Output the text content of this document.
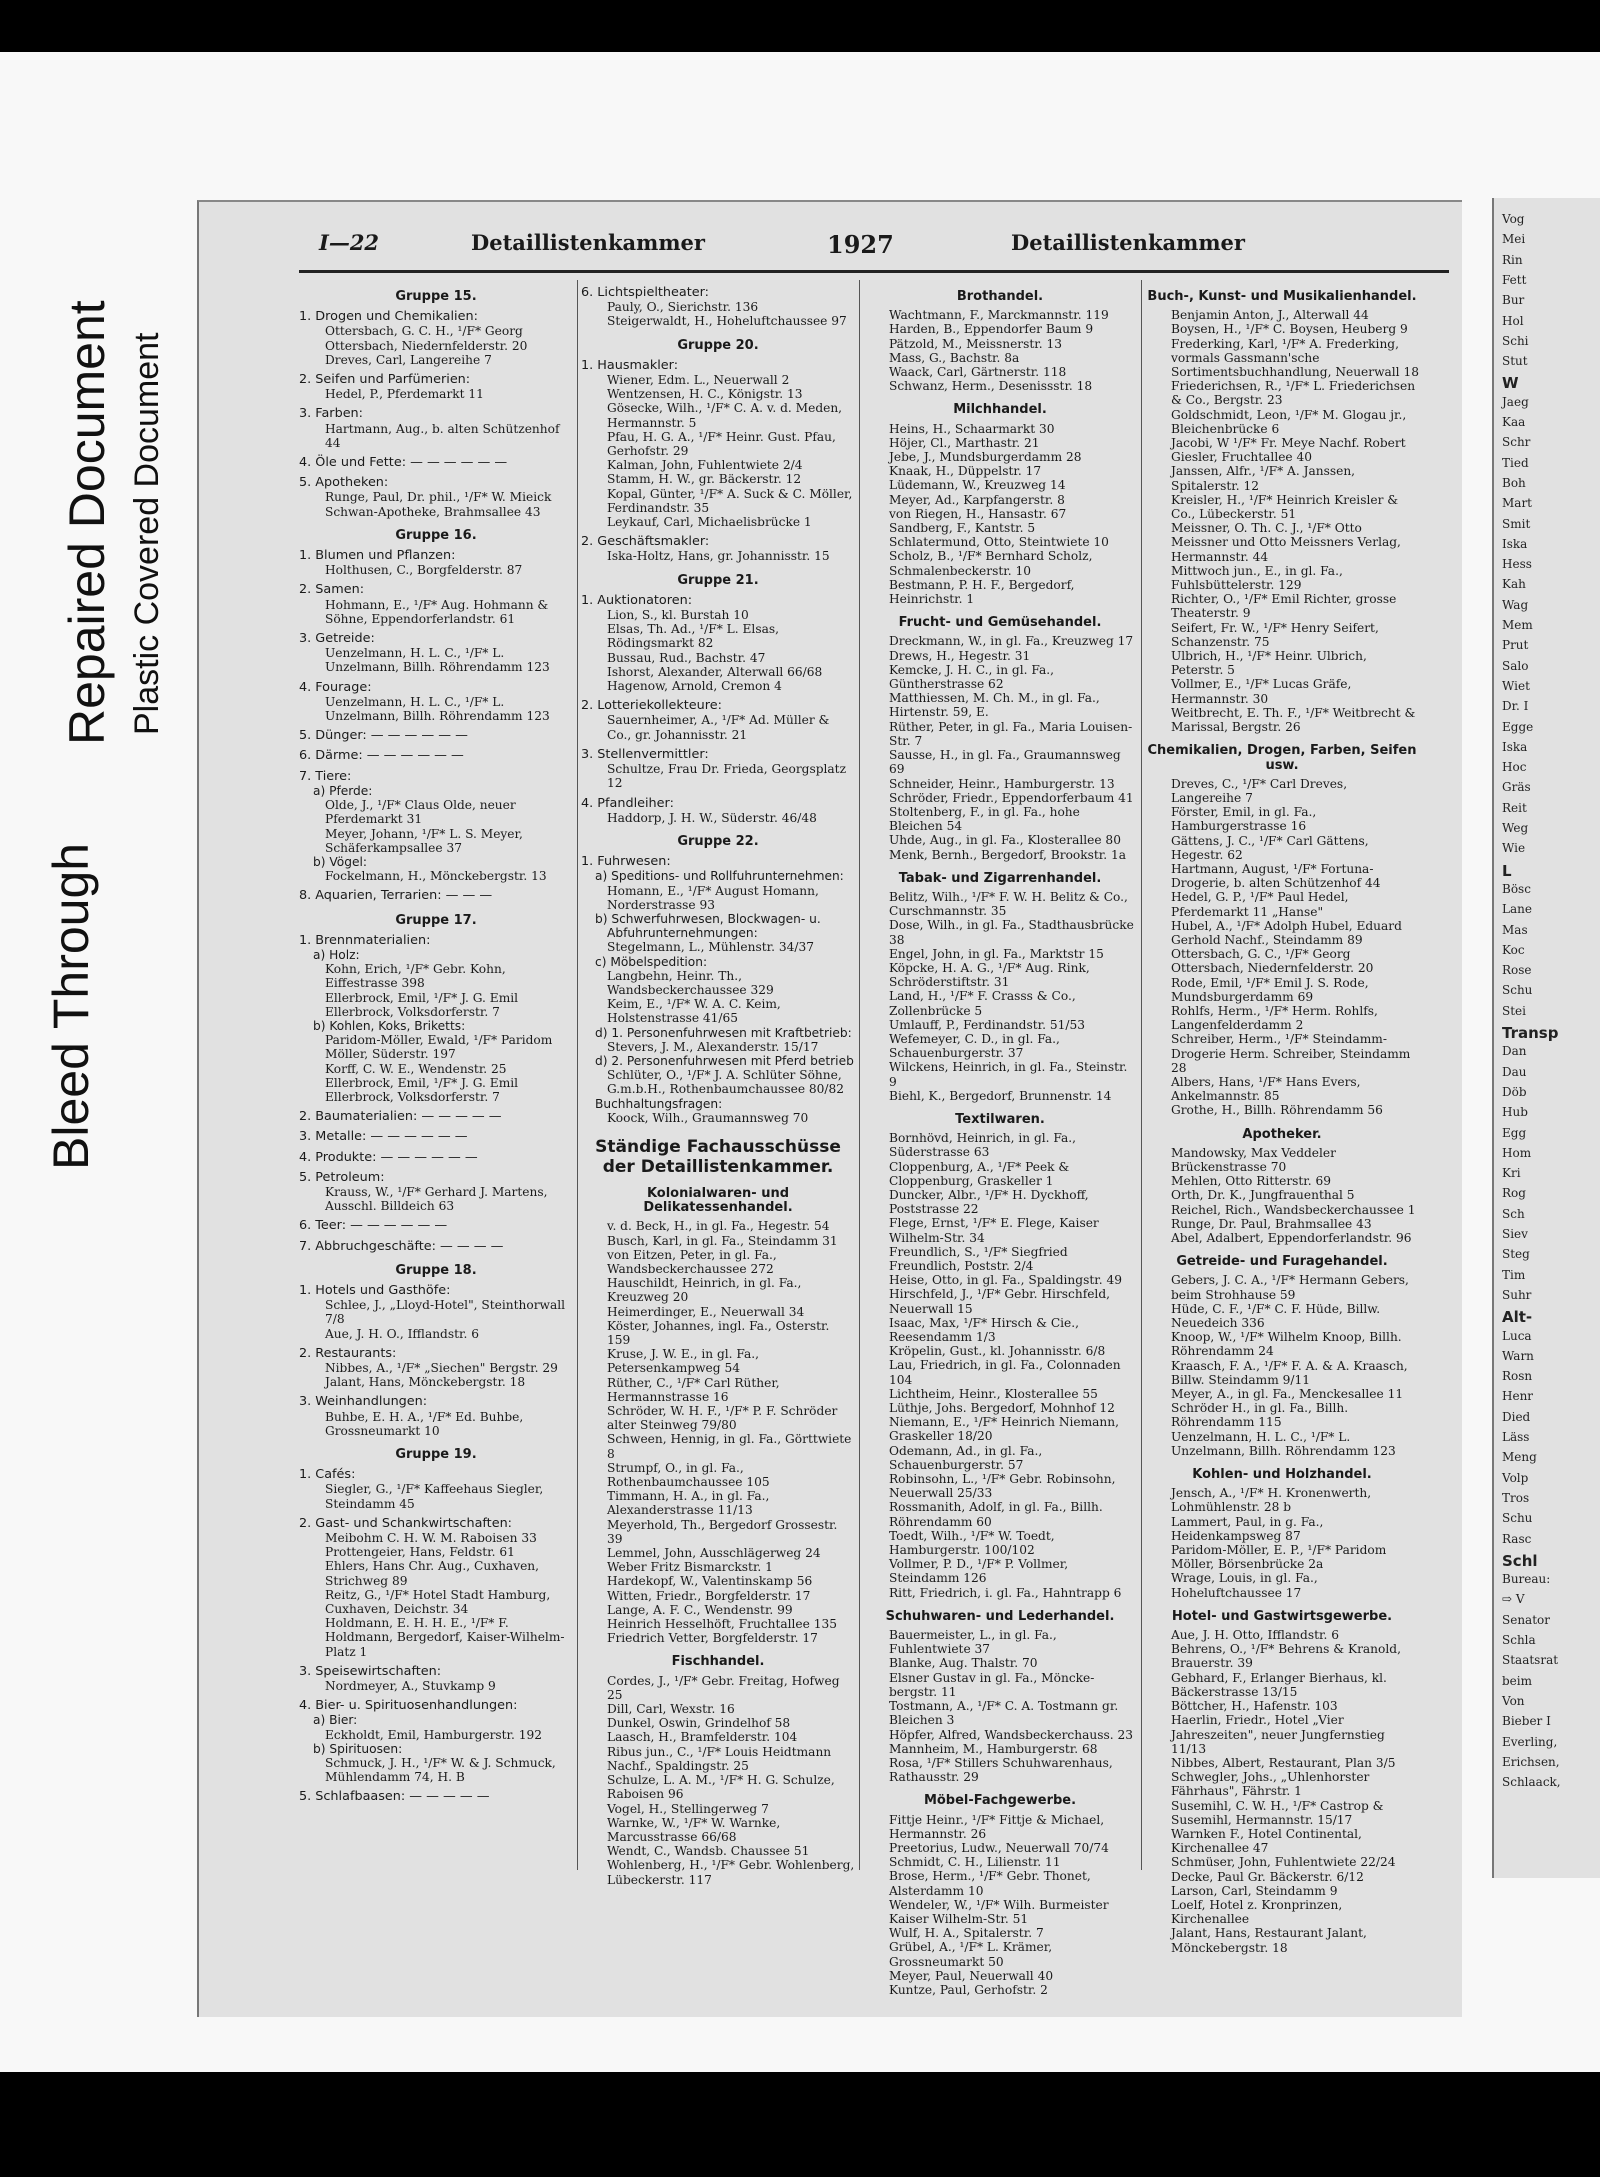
Bleed Through
Repaired Document Plastic Covered Document
I—22	Detaillistenkammer	1927	Detaillistenkammer
Gruppe 15.
1. Drogen und Chemikalien:
Ottersbach, G. C. H., ¹/F* Georg Ottersbach, Niedernfelderstr. 20
Dreves, Carl, Langereihe 7
2. Seifen und Parfümerien:
Hedel, P., Pferdemarkt 11
3. Farben:
Hartmann, Aug., b. alten Schützenhof 44
4. Öle und Fette: — — — — — —
5. Apotheken:
Runge, Paul, Dr. phil., ¹/F* W. Mieick Schwan-Apotheke, Brahmsallee 43
Gruppe 16.
1. Blumen und Pflanzen:
Holthusen, C., Borgfelderstr. 87
2. Samen:
Hohmann, E., ¹/F* Aug. Hohmann & Söhne, Eppendorferlandstr. 61
3. Getreide:
Uenzelmann, H. L. C., ¹/F* L. Unzelmann, Billh. Röhrendamm 123
4. Fourage:
Uenzelmann, H. L. C., ¹/F* L. Unzelmann, Billh. Röhrendamm 123
5. Dünger: — — — — — —
6. Därme: — — — — — —
7. Tiere:
a) Pferde:
Olde, J., ¹/F* Claus Olde, neuer Pferdemarkt 31
Meyer, Johann, ¹/F* L. S. Meyer, Schäferkampsallee 37
b) Vögel:
Fockelmann, H., Mönckebergstr. 13
8. Aquarien, Terrarien: — — —
Gruppe 17.
1. Brennmaterialien:
a) Holz:
Kohn, Erich, ¹/F* Gebr. Kohn, Eiffestrasse 398
Ellerbrock, Emil, ¹/F* J. G. Emil Ellerbrock, Volksdorferstr. 7
b) Kohlen, Koks, Briketts:
Paridom-Möller, Ewald, ¹/F* Paridom Möller, Süderstr. 197
Korff, C. W. E., Wendenstr. 25
Ellerbrock, Emil, ¹/F* J. G. Emil Ellerbrock, Volksdorferstr. 7
2. Baumaterialien: — — — — —
3. Metalle: — — — — — —
4. Produkte: — — — — — —
5. Petroleum:
Krauss, W., ¹/F* Gerhard J. Martens, Ausschl. Billdeich 63
6. Teer: — — — — — —
7. Abbruchgeschäfte: — — — —
Gruppe 18.
1. Hotels und Gasthöfe:
Schlee, J., „Lloyd-Hotel", Steinthorwall 7/8
Aue, J. H. O., Ifflandstr. 6
2. Restaurants:
Nibbes, A., ¹/F* „Siechen" Bergstr. 29
Jalant, Hans, Mönckebergstr. 18
3. Weinhandlungen:
Buhbe, E. H. A., ¹/F* Ed. Buhbe, Grossneumarkt 10
Gruppe 19.
1. Cafés:
Siegler, G., ¹/F* Kaffeehaus Siegler, Steindamm 45
2. Gast- und Schankwirtschaften:
Meibohm C. H. W. M. Raboisen 33
Prottengeier, Hans, Feldstr. 61
Ehlers, Hans Chr. Aug., Cuxhaven, Strichweg 89
Reitz, G., ¹/F* Hotel Stadt Hamburg, Cuxhaven, Deichstr. 34
Holdmann, E. H. H. E., ¹/F* F. Holdmann, Bergedorf, Kaiser-Wilhelm-Platz 1
3. Speisewirtschaften:
Nordmeyer, A., Stuvkamp 9
4. Bier- u. Spirituosenhandlungen:
a) Bier:
Eckholdt, Emil, Hamburgerstr. 192
b) Spirituosen:
Schmuck, J. H., ¹/F* W. & J. Schmuck, Mühlendamm 74, H. B
5. Schlafbaasen: — — — — —
6. Lichtspieltheater:
Pauly, O., Sierichstr. 136
Steigerwaldt, H., Hoheluftchaussee 97
Gruppe 20.
1. Hausmakler:
Wiener, Edm. L., Neuerwall 2
Wentzensen, H. C., Königstr. 13
Gösecke, Wilh., ¹/F* C. A. v. d. Meden, Hermannstr. 5
Pfau, H. G. A., ¹/F* Heinr. Gust. Pfau, Gerhofstr. 29
Kalman, John, Fuhlentwiete 2/4
Stamm, H. W., gr. Bäckerstr. 12
Kopal, Günter, ¹/F* A. Suck & C. Möller, Ferdinandstr. 35
Leykauf, Carl, Michaelisbrücke 1
2. Geschäftsmakler:
Iska-Holtz, Hans, gr. Johannisstr. 15
Gruppe 21.
1. Auktionatoren:
Lion, S., kl. Burstah 10
Elsas, Th. Ad., ¹/F* L. Elsas, Rödingsmarkt 82
Bussau, Rud., Bachstr. 47
Ishorst, Alexander, Alterwall 66/68
Hagenow, Arnold, Cremon 4
2. Lotteriekollekteure:
Sauernheimer, A., ¹/F* Ad. Müller & Co., gr. Johannisstr. 21
3. Stellenvermittler:
Schultze, Frau Dr. Frieda, Georgsplatz 12
4. Pfandleiher:
Haddorp, J. H. W., Süderstr. 46/48
Gruppe 22.
1. Fuhrwesen:
a) Speditions- und Rollfuhrunternehmen:
Homann, E., ¹/F* August Homann, Norderstrasse 93
b) Schwerfuhrwesen, Blockwagen- u. Abfuhrunternehmungen:
Stegelmann, L., Mühlenstr. 34/37
c) Möbelspedition:
Langbehn, Heinr. Th., Wandsbeckerchaussee 329
Keim, E., ¹/F* W. A. C. Keim, Holstenstrasse 41/65
d) 1. Personenfuhrwesen mit Kraftbetrieb:
Stevers, J. M., Alexanderstr. 15/17
d) 2. Personenfuhrwesen mit Pferd betrieb
Schlüter, O., ¹/F* J. A. Schlüter Söhne, G.m.b.H., Rothenbaumchaussee 80/82
Buchhaltungsfragen:
Koock, Wilh., Graumannsweg 70
Ständige Fachausschüsse der Detaillistenkammer.
Kolonialwaren- und Delikatessenhandel.
v. d. Beck, H., in gl. Fa., Hegestr. 54
Busch, Karl, in gl. Fa., Steindamm 31
von Eitzen, Peter, in gl. Fa., Wandsbeckerchaussee 272
Hauschildt, Heinrich, in gl. Fa., Kreuzweg 20
Heimerdinger, E., Neuerwall 34
Köster, Johannes, ingl. Fa., Osterstr. 159
Kruse, J. W. E., in gl. Fa., Petersenkampweg 54
Rüther, C., ¹/F* Carl Rüther, Hermannstrasse 16
Schröder, W. H. F., ¹/F* P. F. Schröder alter Steinweg 79/80
Schween, Hennig, in gl. Fa., Görttwiete 8
Strumpf, O., in gl. Fa., Rothenbaumchaussee 105
Timmann, H. A., in gl. Fa., Alexanderstrasse 11/13
Meyerhold, Th., Bergedorf Grossestr. 39
Lemmel, John, Ausschlägerweg 24
Weber Fritz Bismarckstr. 1
Hardekopf, W., Valentinskamp 56
Witten, Friedr., Borgfelderstr. 17
Lange, A. F. C., Wendenstr. 99
Heinrich Hesselhöft, Fruchtallee 135
Friedrich Vetter, Borgfelderstr. 17
Fischhandel.
Cordes, J., ¹/F* Gebr. Freitag, Hofweg 25
Dill, Carl, Wexstr. 16
Dunkel, Oswin, Grindelhof 58
Laasch, H., Bramfelderstr. 104
Ribus jun., C., ¹/F* Louis Heidtmann Nachf., Spaldingstr. 25
Schulze, L. A. M., ¹/F* H. G. Schulze, Raboisen 96
Vogel, H., Stellingerweg 7
Warnke, W., ¹/F* W. Warnke, Marcusstrasse 66/68
Wendt, C., Wandsb. Chaussee 51
Wohlenberg, H., ¹/F* Gebr. Wohlenberg, Lübeckerstr. 117
Brothandel.
Wachtmann, F., Marckmannstr. 119
Harden, B., Eppendorfer Baum 9
Pätzold, M., Meissnerstr. 13
Mass, G., Bachstr. 8a
Waack, Carl, Gärtnerstr. 118
Schwanz, Herm., Desenissstr. 18
Milchhandel.
Heins, H., Schaarmarkt 30
Höjer, Cl., Marthastr. 21
Jebe, J., Mundsburgerdamm 28
Knaak, H., Düppelstr. 17
Lüdemann, W., Kreuzweg 14
Meyer, Ad., Karpfangerstr. 8
von Riegen, H., Hansastr. 67
Sandberg, F., Kantstr. 5
Schlatermund, Otto, Steintwiete 10
Scholz, B., ¹/F* Bernhard Scholz, Schmalenbeckerstr. 10
Bestmann, P. H. F., Bergedorf, Heinrichstr. 1
Frucht- und Gemüsehandel.
Dreckmann, W., in gl. Fa., Kreuzweg 17
Drews, H., Hegestr. 31
Kemcke, J. H. C., in gl. Fa., Güntherstrasse 62
Matthiessen, M. Ch. M., in gl. Fa., Hirtenstr. 59, E.
Rüther, Peter, in gl. Fa., Maria Louisen-Str. 7
Sausse, H., in gl. Fa., Graumannsweg 69
Schneider, Heinr., Hamburgerstr. 13
Schröder, Friedr., Eppendorferbaum 41
Stoltenberg, F., in gl. Fa., hohe Bleichen 54
Uhde, Aug., in gl. Fa., Klosterallee 80
Menk, Bernh., Bergedorf, Brookstr. 1a
Tabak- und Zigarrenhandel.
Belitz, Wilh., ¹/F* F. W. H. Belitz & Co., Curschmannstr. 35
Dose, Wilh., in gl. Fa., Stadthausbrücke 38
Engel, John, in gl. Fa., Marktstr 15
Köpcke, H. A. G., ¹/F* Aug. Rink, Schröderstiftstr. 31
Land, H., ¹/F* F. Crasss & Co., Zollenbrücke 5
Umlauff, P., Ferdinandstr. 51/53
Wefemeyer, C. D., in gl. Fa., Schauenburgerstr. 37
Wilckens, Heinrich, in gl. Fa., Steinstr. 9
Biehl, K., Bergedorf, Brunnenstr. 14
Textilwaren.
Bornhövd, Heinrich, in gl. Fa., Süderstrasse 63
Cloppenburg, A., ¹/F* Peek & Cloppenburg, Graskeller 1
Duncker, Albr., ¹/F* H. Dyckhoff, Poststrasse 22
Flege, Ernst, ¹/F* E. Flege, Kaiser Wilhelm-Str. 34
Freundlich, S., ¹/F* Siegfried Freundlich, Poststr. 2/4
Heise, Otto, in gl. Fa., Spaldingstr. 49
Hirschfeld, J., ¹/F* Gebr. Hirschfeld, Neuerwall 15
Isaac, Max, ¹/F* Hirsch & Cie., Reesendamm 1/3
Kröpelin, Gust., kl. Johannisstr. 6/8
Lau, Friedrich, in gl. Fa., Colonnaden 104
Lichtheim, Heinr., Klosterallee 55
Lüthje, Johs. Bergedorf, Mohnhof 12
Niemann, E., ¹/F* Heinrich Niemann, Graskeller 18/20
Odemann, Ad., in gl. Fa., Schauenburgerstr. 57
Robinsohn, L., ¹/F* Gebr. Robinsohn, Neuerwall 25/33
Rossmanith, Adolf, in gl. Fa., Billh. Röhrendamm 60
Toedt, Wilh., ¹/F* W. Toedt, Hamburgerstr. 100/102
Vollmer, P. D., ¹/F* P. Vollmer, Steindamm 126
Ritt, Friedrich, i. gl. Fa., Hahntrapp 6
Schuhwaren- und Lederhandel.
Bauermeister, L., in gl. Fa., Fuhlentwiete 37
Blanke, Aug. Thalstr. 70
Elsner Gustav in gl. Fa., Möncke- bergstr. 11
Tostmann, A., ¹/F* C. A. Tostmann gr. Bleichen 3
Höpfer, Alfred, Wandsbeckerchauss. 23
Mannheim, M., Hamburgerstr. 68
Rosa, ¹/F* Stillers Schuhwarenhaus, Rathausstr. 29
Möbel-Fachgewerbe.
Fittje Heinr., ¹/F* Fittje & Michael, Hermannstr. 26
Preetorius, Ludw., Neuerwall 70/74
Schmidt, C. H., Lilienstr. 11
Brose, Herm., ¹/F* Gebr. Thonet, Alsterdamm 10
Wendeler, W., ¹/F* Wilh. Burmeister Kaiser Wilhelm-Str. 51
Wulf, H. A., Spitalerstr. 7
Grübel, A., ¹/F* L. Krämer, Grossneumarkt 50
Meyer, Paul, Neuerwall 40
Kuntze, Paul, Gerhofstr. 2
Buch-, Kunst- und Musikalienhandel.
Benjamin Anton, J., Alterwall 44
Boysen, H., ¹/F* C. Boysen, Heuberg 9
Frederking, Karl, ¹/F* A. Frederking, vormals Gassmann'sche Sortimentsbuchhandlung, Neuerwall 18
Friederichsen, R., ¹/F* L. Friederichsen & Co., Bergstr. 23
Goldschmidt, Leon, ¹/F* M. Glogau jr., Bleichenbrücke 6
Jacobi, W ¹/F* Fr. Meye Nachf. Robert Giesler, Fruchtallee 40
Janssen, Alfr., ¹/F* A. Janssen, Spitalerstr. 12
Kreisler, H., ¹/F* Heinrich Kreisler & Co., Lübeckerstr. 51
Meissner, O. Th. C. J., ¹/F* Otto Meissner und Otto Meissners Verlag, Hermannstr. 44
Mittwoch jun., E., in gl. Fa., Fuhlsbüttelerstr. 129
Richter, O., ¹/F* Emil Richter, grosse Theaterstr. 9
Seifert, Fr. W., ¹/F* Henry Seifert, Schanzenstr. 75
Ulbrich, H., ¹/F* Heinr. Ulbrich, Peterstr. 5
Vollmer, E., ¹/F* Lucas Gräfe, Hermannstr. 30
Weitbrecht, E. Th. F., ¹/F* Weitbrecht & Marissal, Bergstr. 26
Chemikalien, Drogen, Farben, Seifen usw.
Dreves, C., ¹/F* Carl Dreves, Langereihe 7
Förster, Emil, in gl. Fa., Hamburgerstrasse 16
Gättens, J. C., ¹/F* Carl Gättens, Hegestr. 62
Hartmann, August, ¹/F* Fortuna-Drogerie, b. alten Schützenhof 44
Hedel, G. P., ¹/F* Paul Hedel, Pferdemarkt 11 „Hanse"
Hubel, A., ¹/F* Adolph Hubel, Eduard Gerhold Nachf., Steindamm 89
Ottersbach, G. C., ¹/F* Georg Ottersbach, Niedernfelderstr. 20
Rode, Emil, ¹/F* Emil J. S. Rode, Mundsburgerdamm 69
Rohlfs, Herm., ¹/F* Herm. Rohlfs, Langenfelderdamm 2
Schreiber, Herm., ¹/F* Steindamm-Drogerie Herm. Schreiber, Steindamm 28
Albers, Hans, ¹/F* Hans Evers, Ankelmannstr. 85
Grothe, H., Billh. Röhrendamm 56
Apotheker.
Mandowsky, Max Veddeler Brückenstrasse 70
Mehlen, Otto Ritterstr. 69
Orth, Dr. K., Jungfrauenthal 5
Reichel, Rich., Wandsbeckerchaussee 1
Runge, Dr. Paul, Brahmsallee 43
Abel, Adalbert, Eppendorferlandstr. 96
Getreide- und Furagehandel.
Gebers, J. C. A., ¹/F* Hermann Gebers, beim Strohhause 59
Hüde, C. F., ¹/F* C. F. Hüde, Billw. Neuedeich 336
Knoop, W., ¹/F* Wilhelm Knoop, Billh. Röhrendamm 24
Kraasch, F. A., ¹/F* F. A. & A. Kraasch, Billw. Steindamm 9/11
Meyer, A., in gl. Fa., Menckesallee 11
Schröder H., in gl. Fa., Billh. Röhrendamm 115
Uenzelmann, H. L. C., ¹/F* L. Unzelmann, Billh. Röhrendamm 123
Kohlen- und Holzhandel.
Jensch, A., ¹/F* H. Kronenwerth, Lohmühlenstr. 28 b
Lammert, Paul, in g. Fa., Heidenkampsweg 87
Paridom-Möller, E. P., ¹/F* Paridom Möller, Börsenbrücke 2a
Wrage, Louis, in gl. Fa., Hoheluftchaussee 17
Hotel- und Gastwirtsgewerbe.
Aue, J. H. Otto, Ifflandstr. 6
Behrens, O., ¹/F* Behrens & Kranold, Brauerstr. 39
Gebhard, F., Erlanger Bierhaus, kl. Bäckerstrasse 13/15
Böttcher, H., Hafenstr. 103
Haerlin, Friedr., Hotel „Vier Jahreszeiten", neuer Jungfernstieg 11/13
Nibbes, Albert, Restaurant, Plan 3/5
Schwegler, Johs., „Uhlenhorster Fährhaus", Fährstr. 1
Susemihl, C. W. H., ¹/F* Castrop & Susemihl, Hermannstr. 15/17
Warnken F., Hotel Continental, Kirchenallee 47
Schmüser, John, Fuhlentwiete 22/24
Decke, Paul Gr. Bäckerstr. 6/12
Larson, Carl, Steindamm 9
Loelf, Hotel z. Kronprinzen, Kirchenallee
Jalant, Hans, Restaurant Jalant, Mönckebergstr. 18
Vog
Mei
Rin
Fett
Bur
Hol
Schi
Stut
W
Jaeg
Kaa
Schr
Tied
Boh
Mart
Smit
Iska
Hess
Kah
Wag
Mem
Prut
Salo
Wiet
Dr. I
Egge
Iska
Hoc
Gräs
Reit
Weg
Wie
L
Bösc
Lane
Mas
Koc
Rose
Schu
Stei
Transp
Dan
Dau
Döb
Hub
Egg
Hom
Kri
Rog
Sch
Siev
Steg
Tim
Suhr
Alt-
Luca
Warn
Rosn
Henr
Died
Läss
Meng
Volp
Tros
Schu
Rasc
Schl
Bureau:
⇨ V
Senator
Schla
Staatsrat
beim
Von
Bieber I
Everling,
Erichsen,
Schlaack,
